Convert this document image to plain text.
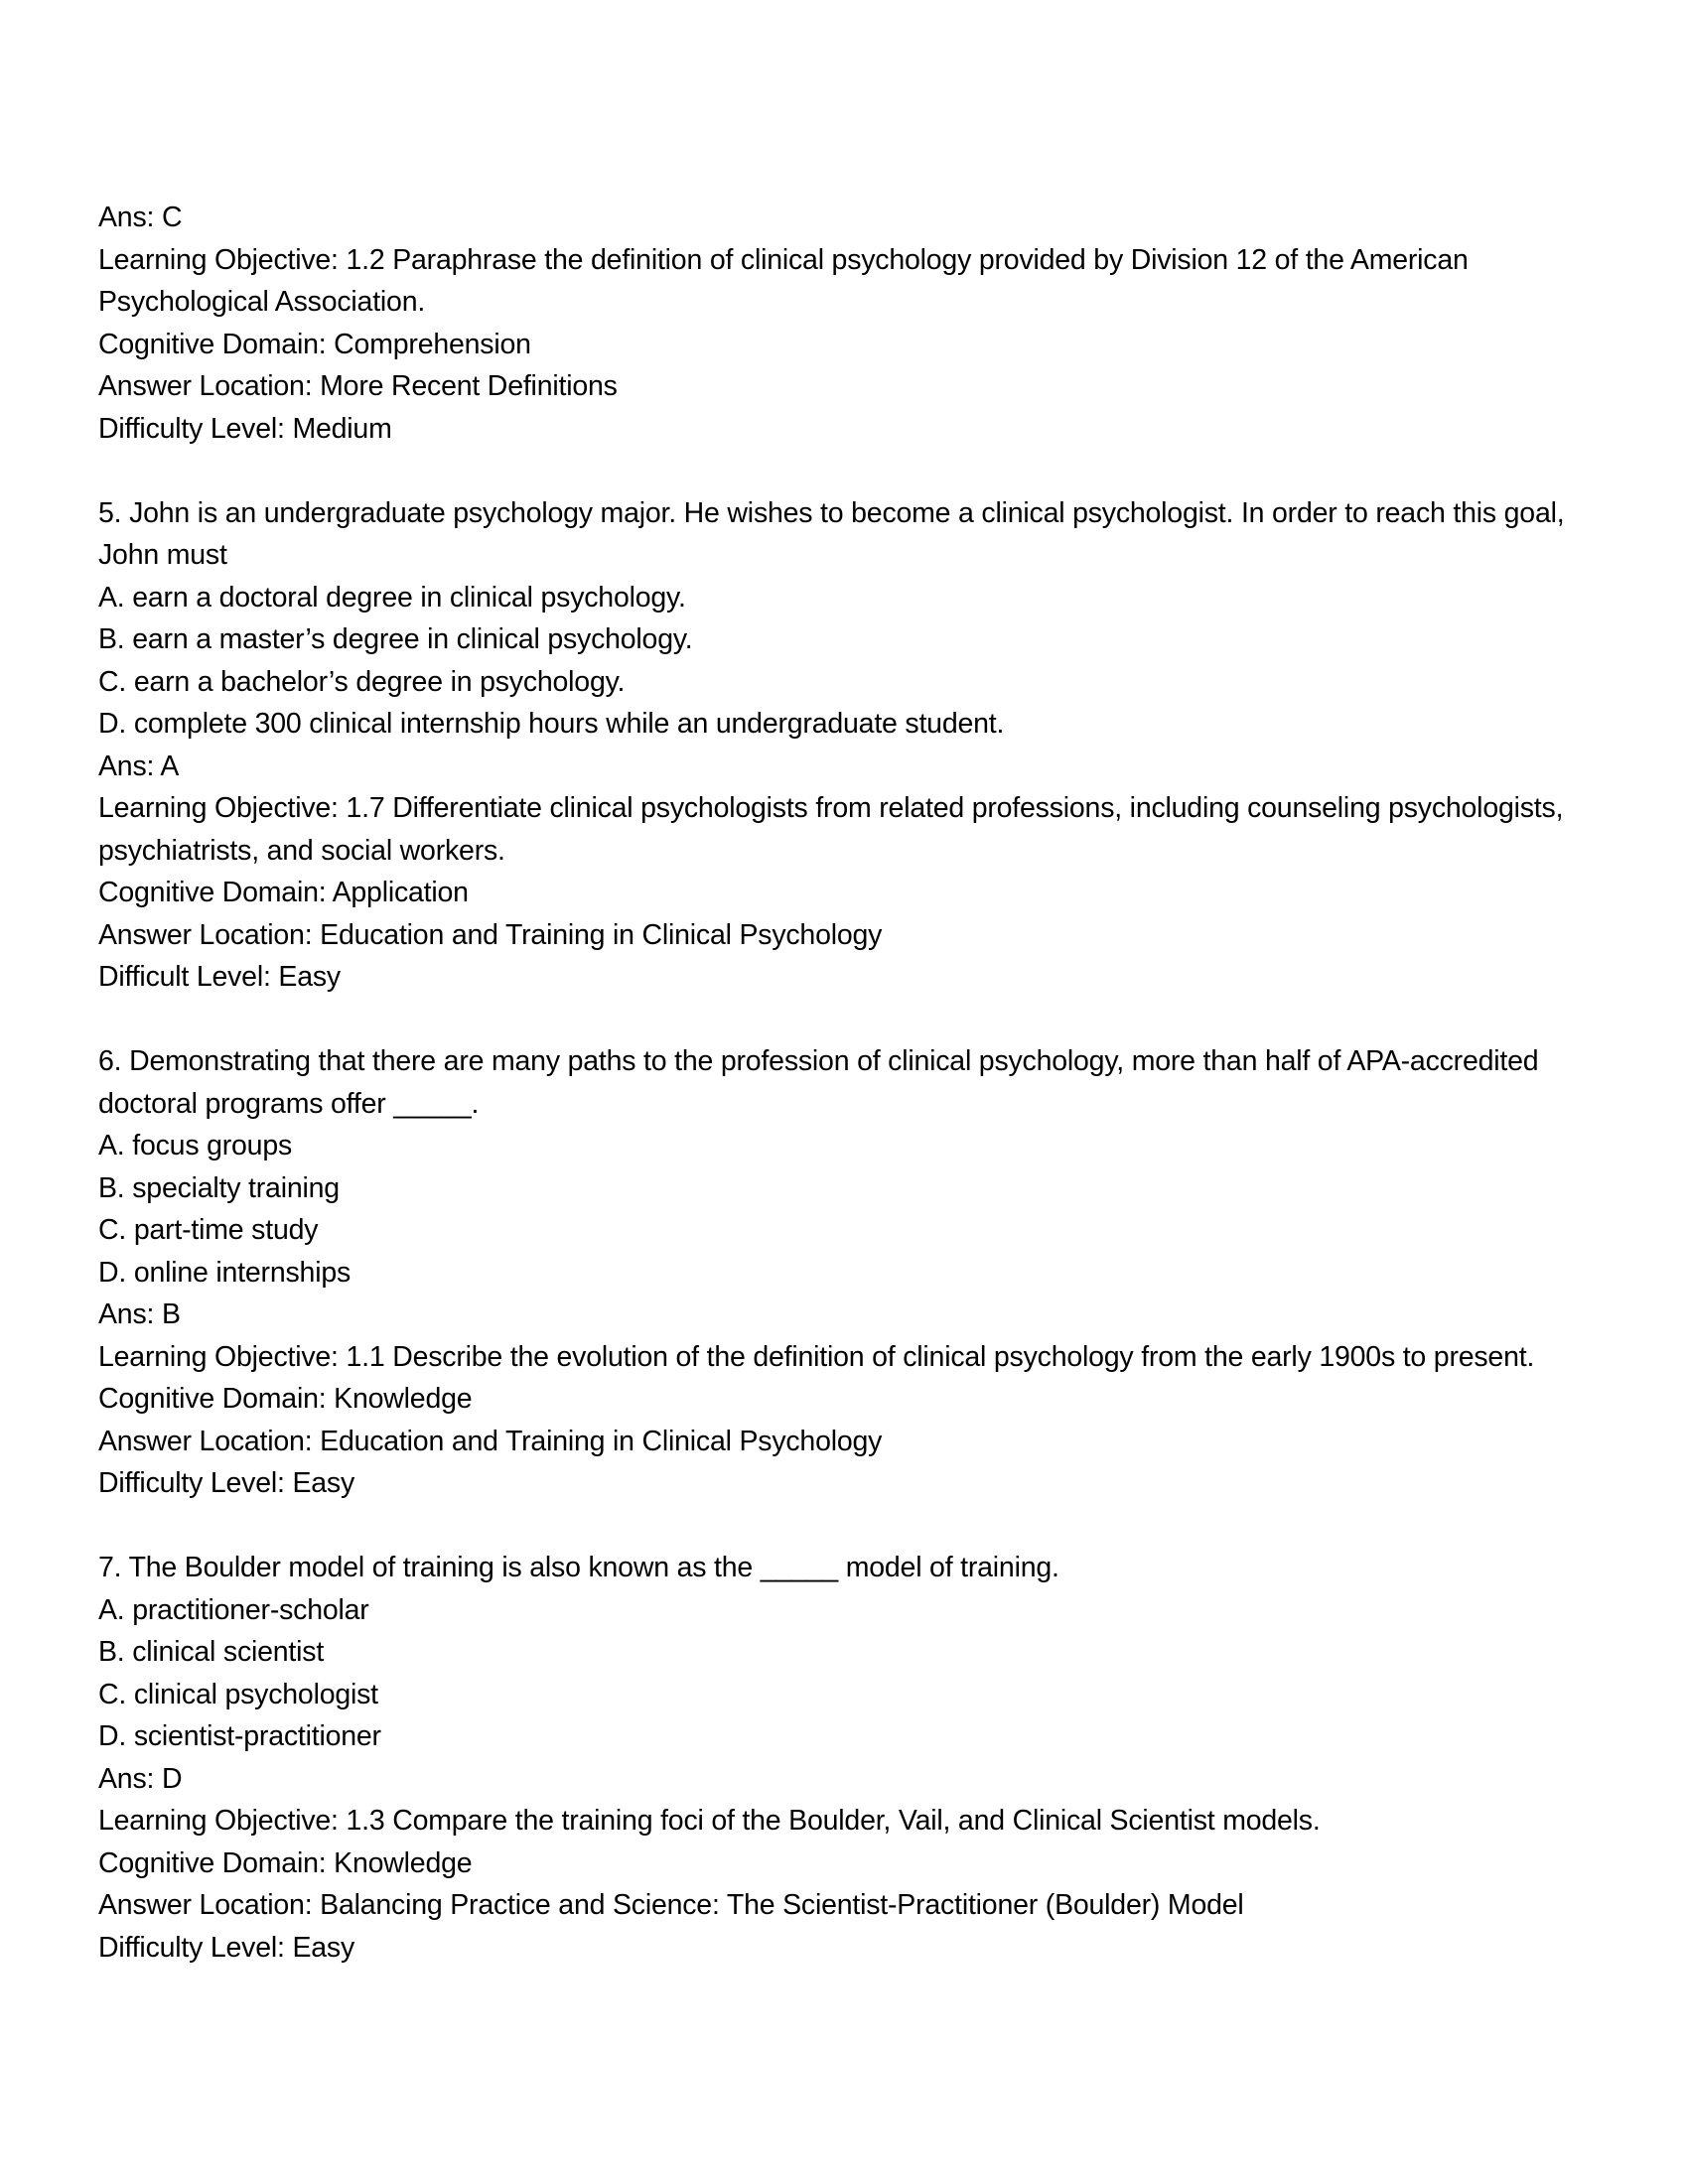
Ans: C
Learning Objective: 1.2 Paraphrase the definition of clinical psychology provided by Division 12 of the American
Psychological Association.
Cognitive Domain: Comprehension
Answer Location: More Recent Definitions
Difficulty Level: Medium
5. John is an undergraduate psychology major. He wishes to become a clinical psychologist. In order to reach this goal,
John must
A. earn a doctoral degree in clinical psychology.
B. earn a master’s degree in clinical psychology.
C. earn a bachelor’s degree in psychology.
D. complete 300 clinical internship hours while an undergraduate student.
Ans: A
Learning Objective: 1.7 Differentiate clinical psychologists from related professions, including counseling psychologists,
psychiatrists, and social workers.
Cognitive Domain: Application
Answer Location: Education and Training in Clinical Psychology
Difficult Level: Easy
6. Demonstrating that there are many paths to the profession of clinical psychology, more than half of APA-accredited
doctoral programs offer _____.
A. focus groups
B. specialty training
C. part-time study
D. online internships
Ans: B
Learning Objective: 1.1 Describe the evolution of the definition of clinical psychology from the early 1900s to present.
Cognitive Domain: Knowledge
Answer Location: Education and Training in Clinical Psychology
Difficulty Level: Easy
7. The Boulder model of training is also known as the _____ model of training.
A. practitioner-scholar
B. clinical scientist
C. clinical psychologist
D. scientist-practitioner
Ans: D
Learning Objective: 1.3 Compare the training foci of the Boulder, Vail, and Clinical Scientist models.
Cognitive Domain: Knowledge
Answer Location: Balancing Practice and Science: The Scientist-Practitioner (Boulder) Model
Difficulty Level: Easy
